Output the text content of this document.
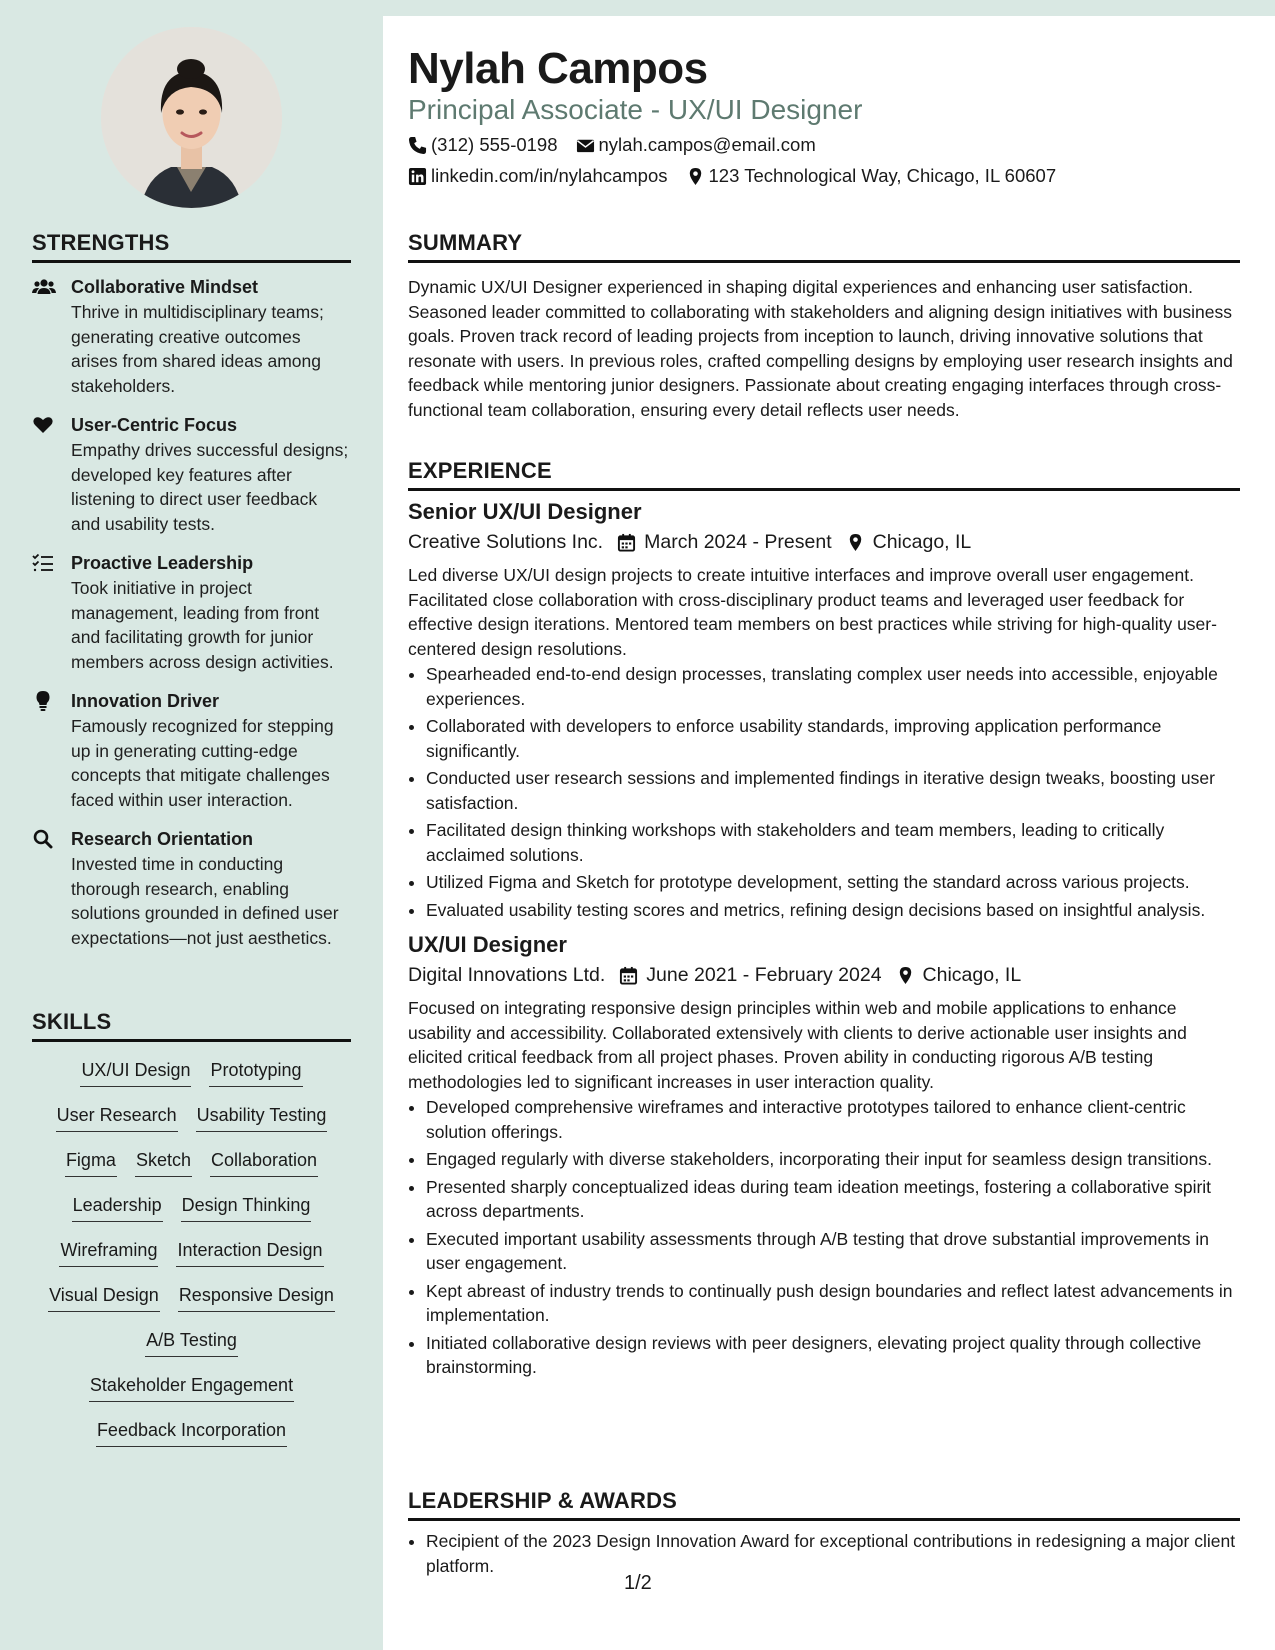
STRENGTHS
Collaborative Mindset
Thrive in multidisciplinary teams; generating creative outcomes arises from shared ideas among stakeholders.
User-Centric Focus
Empathy drives successful designs; developed key features after listening to direct user feedback and usability tests.
Proactive Leadership
Took initiative in project management, leading from front and facilitating growth for junior members across design activities.
Innovation Driver
Famously recognized for stepping up in generating cutting-edge concepts that mitigate challenges faced within user interaction.
Research Orientation
Invested time in conducting thorough research, enabling solutions grounded in defined user expectations—not just aesthetics.
SKILLS
UX/UI Design Prototyping
User Research Usability Testing
Figma Sketch Collaboration
Leadership Design Thinking
Wireframing Interaction Design
Visual Design Responsive Design
A/B Testing
Stakeholder Engagement
Feedback Incorporation
Nylah Campos
Principal Associate - UX/UI Designer
(312) 555-0198 nylah.campos@email.com
linkedin.com/in/nylahcampos 123 Technological Way, Chicago, IL 60607
SUMMARY

Dynamic UX/UI Designer experienced in shaping digital experiences and enhancing user satisfaction. Seasoned leader committed to collaborating with stakeholders and aligning design initiatives with business goals. Proven track record of leading projects from inception to launch, driving innovative solutions that resonate with users. In previous roles, crafted compelling designs by employing user research insights and feedback while mentoring junior designers. Passionate about creating engaging interfaces through cross-functional team collaboration, ensuring every detail reflects user needs.

EXPERIENCE
Senior UX/UI Designer
Creative Solutions Inc. March 2024 - Present Chicago, IL

Led diverse UX/UI design projects to create intuitive interfaces and improve overall user engagement. Facilitated close collaboration with cross-disciplinary product teams and leveraged user feedback for effective design iterations. Mentored team members on best practices while striving for high-quality user-centered design resolutions.

• Spearheaded end-to-end design processes, translating complex user needs into accessible, enjoyable experiences.
• Collaborated with developers to enforce usability standards, improving application performance significantly.
• Conducted user research sessions and implemented findings in iterative design tweaks, boosting user satisfaction.
• Facilitated design thinking workshops with stakeholders and team members, leading to critically acclaimed solutions.
• Utilized Figma and Sketch for prototype development, setting the standard across various projects.
• Evaluated usability testing scores and metrics, refining design decisions based on insightful analysis.
UX/UI Designer
Digital Innovations Ltd. June 2021 - February 2024 Chicago, IL

Focused on integrating responsive design principles within web and mobile applications to enhance usability and accessibility. Collaborated extensively with clients to derive actionable user insights and elicited critical feedback from all project phases. Proven ability in conducting rigorous A/B testing methodologies led to significant increases in user interaction quality.

• Developed comprehensive wireframes and interactive prototypes tailored to enhance client-centric solution offerings.
• Engaged regularly with diverse stakeholders, incorporating their input for seamless design transitions.
• Presented sharply conceptualized ideas during team ideation meetings, fostering a collaborative spirit across departments.
• Executed important usability assessments through A/B testing that drove substantial improvements in user engagement.
• Kept abreast of industry trends to continually push design boundaries and reflect latest advancements in implementation.
• Initiated collaborative design reviews with peer designers, elevating project quality through collective brainstorming.
LEADERSHIP & AWARDS
• Recipient of the 2023 Design Innovation Award for exceptional contributions in redesigning a major client platform.
1/2
